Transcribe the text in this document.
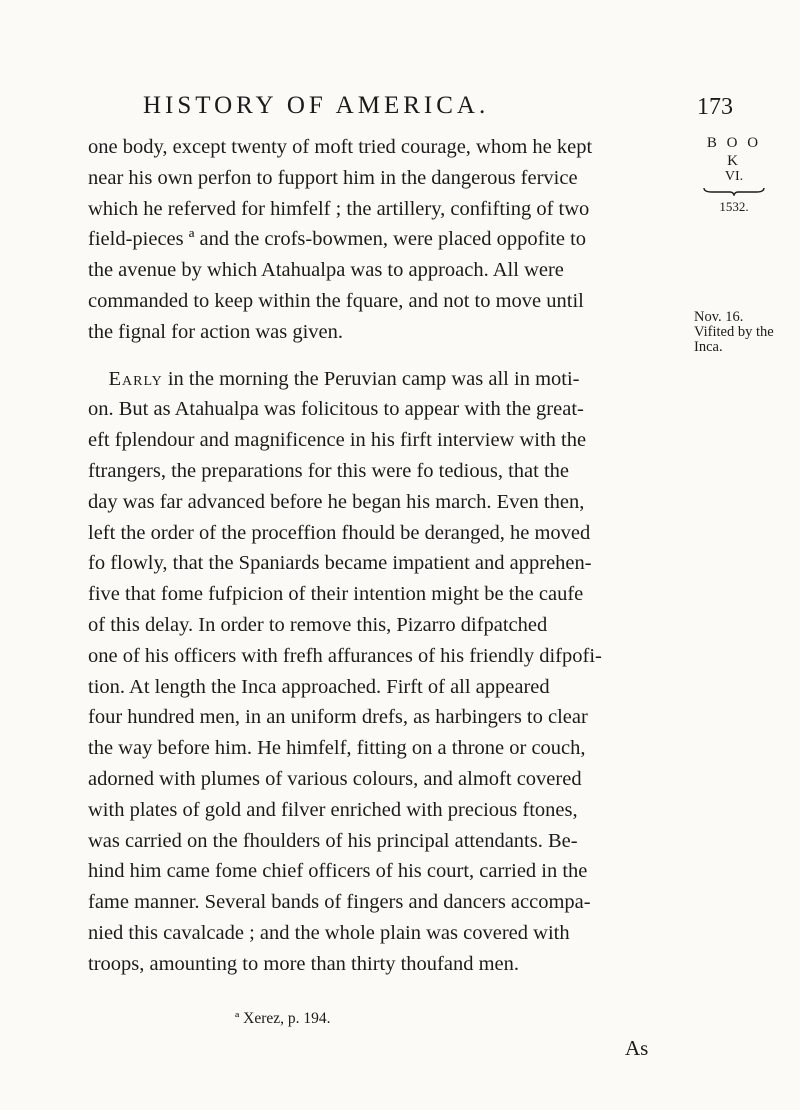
HISTORY OF AMERICA.	173
B O O K
VI.
1532.
one body, except twenty of moft tried courage, whom he kept
near his own perfon to fupport him in the dangerous fervice
which he referved for himfelf ; the artillery, confifting of two
field-pieces ª and the crofs-bowmen, were placed oppofite to
the avenue by which Atahualpa was to approach. All were
commanded to keep within the fquare, and not to move until
the fignal for action was given.
 Early in the morning the Peruvian camp was all in moti-
on. But as Atahualpa was folicitous to appear with the great-
eft fplendour and magnificence in his firft interview with the
ftrangers, the preparations for this were fo tedious, that the
day was far advanced before he began his march. Even then,
left the order of the proceffion fhould be deranged, he moved
fo flowly, that the Spaniards became impatient and apprehen-
five that fome fufpicion of their intention might be the caufe
of this delay. In order to remove this, Pizarro difpatched
one of his officers with frefh affurances of his friendly difpofi-
tion. At length the Inca approached. Firft of all appeared
four hundred men, in an uniform drefs, as harbingers to clear
the way before him. He himfelf, fitting on a throne or couch,
adorned with plumes of various colours, and almoft covered
with plates of gold and filver enriched with precious ftones,
was carried on the fhoulders of his principal attendants. Be-
hind him came fome chief officers of his court, carried in the
fame manner. Several bands of fingers and dancers accompa-
nied this cavalcade ; and the whole plain was covered with
troops, amounting to more than thirty thoufand men.
Nov. 16.
Vifited by the
Inca.
ª Xerez, p. 194.
As
